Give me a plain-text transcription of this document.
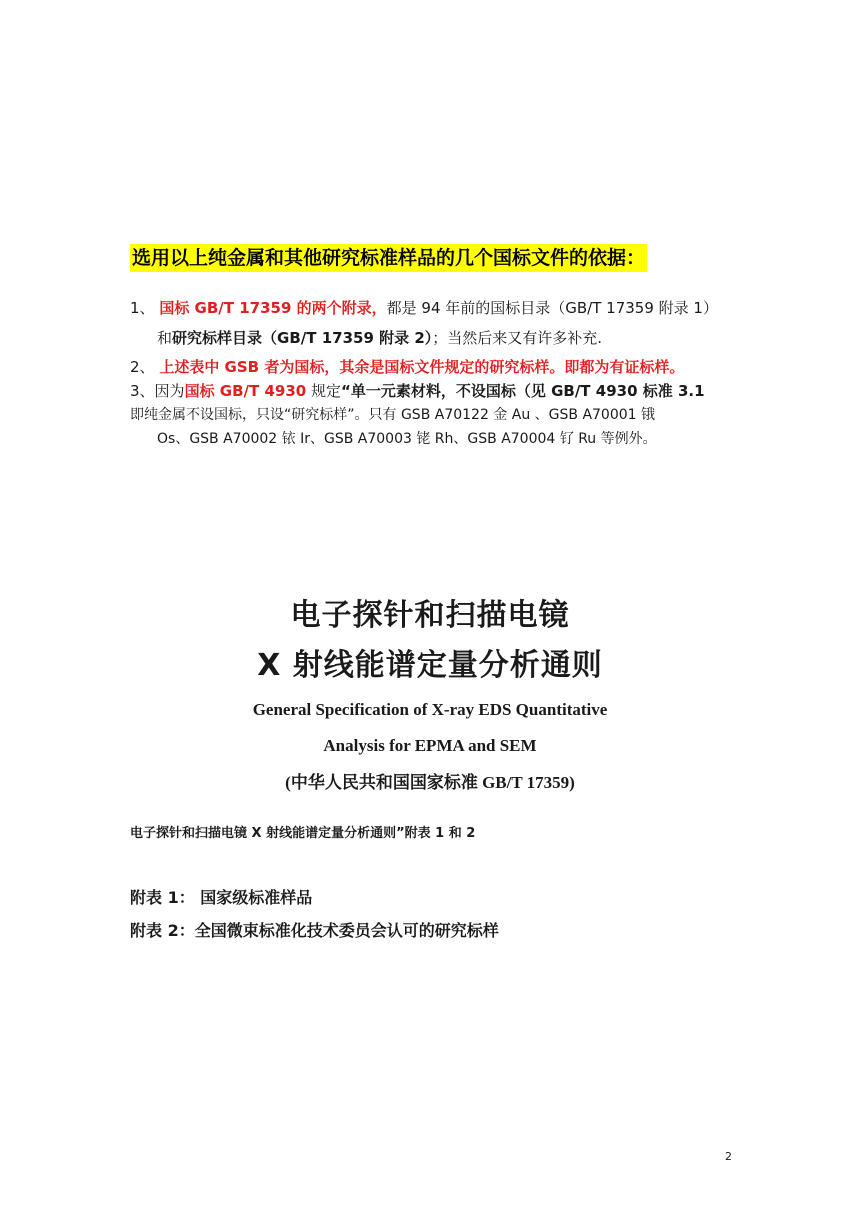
选用以上纯金属和其他研究标准样品的几个国标文件的依据：
1、 国标 GB/T 17359 的两个附录，都是 94 年前的国标目录（GB/T 17359 附录 1）
和研究标样目录（GB/T 17359 附录 2）；当然后来又有许多补充.
2、 上述表中 GSB 者为国标，其余是国标文件规定的研究标样。即都为有证标样。
3、因为国标 GB/T 4930 规定“单一元素材料，不设国标（见 GB/T 4930 标准 3.1
即纯金属不设国标，只设“研究标样”。只有 GSB A70122 金 Au 、GSB A70001 锇
Os、GSB A70002 铱 Ir、GSB A70003 铑 Rh、GSB A70004 钌 Ru 等例外。
电子探针和扫描电镜
X 射线能谱定量分析通则
General Specification of X-ray EDS Quantitative
Analysis for EPMA and SEM
(中华人民共和国国家标准 GB/T 17359)
电子探针和扫描电镜 X 射线能谱定量分析通则”附表 1 和 2
附表 1： 国家级标准样品
附表 2：全国微束标准化技术委员会认可的研究标样
2
